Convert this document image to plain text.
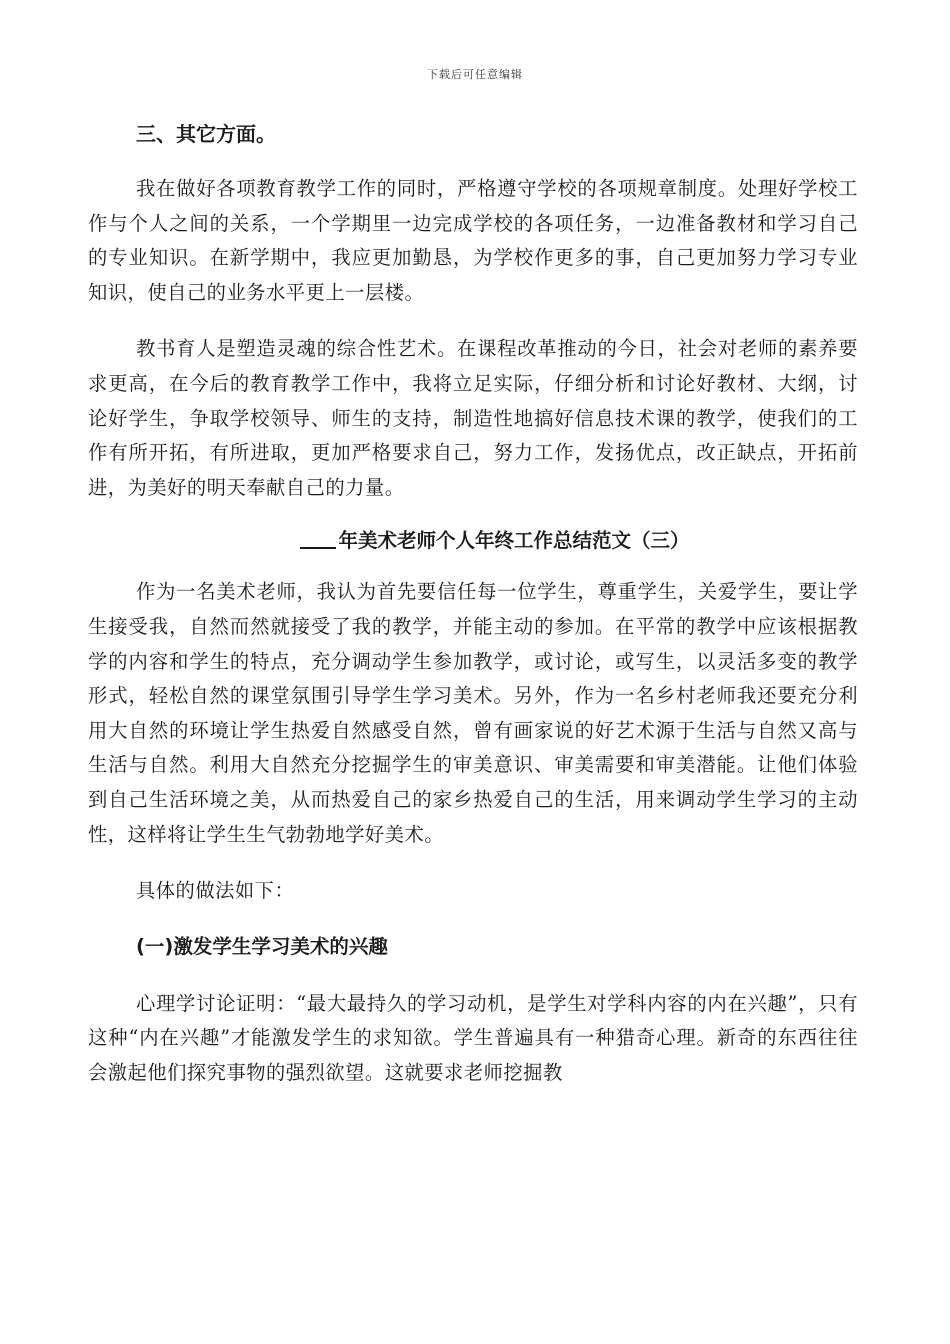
下载后可任意编辑
三、其它方面。

我在做好各项教育教学工作的同时，严格遵守学校的各项规章制度。处理好学校工作与个人之间的关系，一个学期里一边完成学校的各项任务，一边准备教材和学习自己的专业知识。在新学期中，我应更加勤恳，为学校作更多的事，自己更加努力学习专业知识，使自己的业务水平更上一层楼。

教书育人是塑造灵魂的综合性艺术。在课程改革推动的今日，社会对老师的素养要求更高，在今后的教育教学工作中，我将立足实际，仔细分析和讨论好教材、大纲，讨论好学生，争取学校领导、师生的支持，制造性地搞好信息技术课的教学，使我们的工作有所开拓，有所进取，更加严格要求自己，努力工作，发扬优点，改正缺点，开拓前进，为美好的明天奉献自己的力量。

年美术老师个人年终工作总结范文（三）

作为一名美术老师，我认为首先要信任每一位学生，尊重学生，关爱学生，要让学生接受我，自然而然就接受了我的教学，并能主动的参加。在平常的教学中应该根据教学的内容和学生的特点，充分调动学生参加教学，或讨论，或写生，以灵活多变的教学形式，轻松自然的课堂氛围引导学生学习美术。另外，作为一名乡村老师我还要充分利用大自然的环境让学生热爱自然感受自然，曾有画家说的好艺术源于生活与自然又高与生活与自然。利用大自然充分挖掘学生的审美意识、审美需要和审美潜能。让他们体验到自己生活环境之美，从而热爱自己的家乡热爱自己的生活，用来调动学生学习的主动性，这样将让学生生气勃勃地学好美术。

具体的做法如下：
(一)激发学生学习美术的兴趣

心理学讨论证明：“最大最持久的学习动机，是学生对学科内容的内在兴趣”，只有这种“内在兴趣”才能激发学生的求知欲。学生普遍具有一种猎奇心理。新奇的东西往往会激起他们探究事物的强烈欲望。这就要求老师挖掘教
